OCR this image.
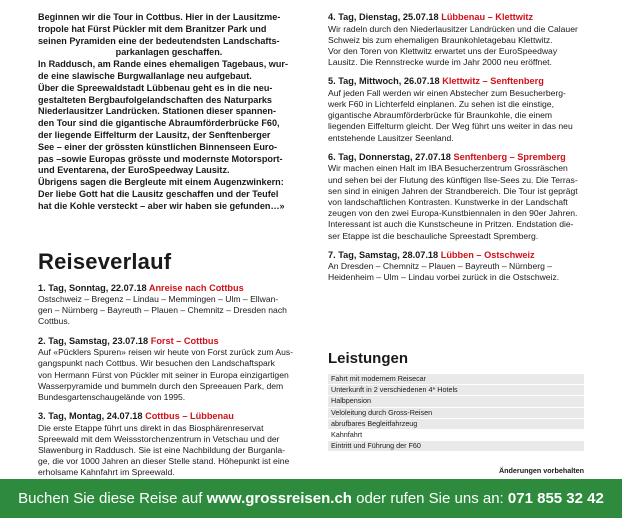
Beginnen wir die Tour in Cottbus. Hier in der Lausitzme-

tropole hat Fürst Pückler mit dem Branitzer Park und

seinen Pyramiden eine der bedeutendsten Landschafts-

parkanlagen geschaffen.

In Raddusch, am Rande eines ehemaligen Tagebaus, wur-

de eine slawische Burgwallanlage neu aufgebaut.

Über die Spreewaldstadt Lübbenau geht es in die neu-

gestalteten Bergbaufolgelandschaften des Naturparks

Niederlausitzer Landrücken. Stationen dieser spannen-

den Tour sind die gigantische Abraumförderbrücke F60,

der liegende Eiffelturm der Lausitz, der Senftenberger

See – einer der grössten künstlichen Binnenseen Euro-

pas –sowie Europas grösste und modernste Motorsport-

und Eventarena, der EuroSpeedway Lausitz.

Übrigens sagen die Bergleute mit einem Augenzwinkern:

Der liebe Gott hat die Lausitz geschaffen und der Teufel

hat die Kohle versteckt – aber wir haben sie gefunden…»

Reiseverlauf
1. Tag, Sonntag, 22.07.18 Anreise nach Cottbus
Ostschweiz – Bregenz – Lindau – Memmingen – Ulm – Ellwan-
gen – Nürnberg – Bayreuth – Plauen – Chemnitz – Dresden nach
Cottbus.
2. Tag, Samstag, 23.07.18 Forst – Cottbus
Auf «Pücklers Spuren» reisen wir heute von Forst zurück zum Aus-
gangspunkt nach Cottbus. Wir besuchen den Landschaftspark
von Hermann Fürst von Pückler mit seiner in Europa einzigartigen
Wasserpyramide und bummeln durch den Spreeauen Park, dem
Bundesgartenschaugelände von 1995.
3. Tag, Montag, 24.07.18 Cottbus – Lübbenau
Die erste Etappe führt uns direkt in das Biosphärenreservat
Spreewald mit dem Weissstorchenzentrum in Vetschau und der
Slawenburg in Raddusch. Sie ist eine Nachbildung der Burganla-
ge, die vor 1000 Jahren an dieser Stelle stand. Höhepunkt ist eine
erholsame Kahnfahrt im Spreewald.
4. Tag, Dienstag, 25.07.18 Lübbenau – Klettwitz
Wir radeln durch den Niederlausitzer Landrücken und die Calauer
Schweiz bis zum ehemaligen Braunkohletagebau Klettwitz.
Vor den Toren von Klettwitz erwartet uns der EuroSpeedway
Lausitz. Die Rennstrecke wurde im Jahr 2000 neu eröffnet.
5. Tag, Mittwoch, 26.07.18 Klettwitz – Senftenberg
Auf jeden Fall werden wir einen Abstecher zum Besucherberg-
werk F60 in Lichterfeld einplanen. Zu sehen ist die einstige,
gigantische Abraumförderbrücke für Braunkohle, die einem
liegenden Eiffelturm gleicht. Der Weg führt uns weiter in das neu
entstehende Lausitzer Seenland.
6. Tag, Donnerstag, 27.07.18 Senftenberg – Spremberg
Wir machen einen Halt im IBA Besucherzentrum Grossräschen
und sehen bei der Flutung des künftigen Ilse-Sees zu. Die Terras-
sen sind in einigen Jahren der Strandbereich. Die Tour ist geprägt
von landschaftlichen Kontrasten. Kunstwerke in der Landschaft
zeugen von den zwei Europa-Kunstbiennalen in den 90er Jahren.
Interessant ist auch die Kunstscheune in Pritzen. Endstation die-
ser Etappe ist die beschauliche Spreestadt Spremberg.
7. Tag, Samstag, 28.07.18 Lübben – Ostschweiz
An Dresden – Chemnitz – Plauen – Bayreuth – Nürnberg –
Heidenheim – Ulm – Lindau vorbei zurück in die Ostschweiz.
Leistungen
Fahrt mit modernem Reisecar
Unterkunft in 2 verschiedenen 4* Hotels
Halbpension
Veloleitung durch Gross-Reisen
abrufbares Begleitfahrzeug
Kahnfahrt
Eintritt und Führung der F60
Änderungen vorbehalten
Buchen Sie diese Reise auf
www.grossreisen.ch
oder rufen Sie uns an:
071 855 32 42
